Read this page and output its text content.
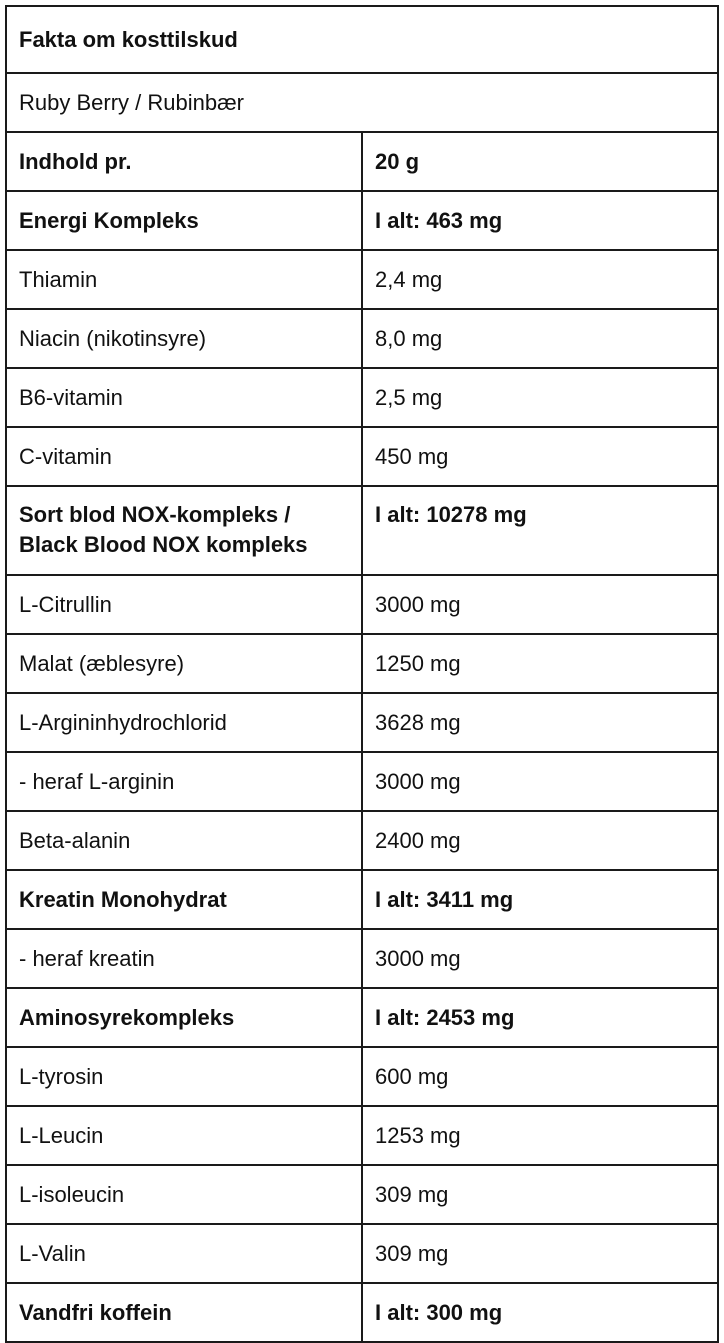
Fakta om kosttilskud	
Ruby Berry / Rubinbær	
Indhold pr.	20 g
Energi Kompleks	I alt: 463 mg
Thiamin	2,4 mg
Niacin (nikotinsyre)	8,0 mg
B6-vitamin	2,5 mg
C-vitamin	450 mg
Sort blod NOX-kompleks / Black Blood NOX kompleks	I alt: 10278 mg
L-Citrullin	3000 mg
Malat (æblesyre)	1250 mg
L-Argininhydrochlorid	3628 mg
- heraf L-arginin	3000 mg
Beta-alanin	2400 mg
Kreatin Monohydrat	I alt: 3411 mg
- heraf kreatin	3000 mg
Aminosyrekompleks	I alt: 2453 mg
L-tyrosin	600 mg
L-Leucin	1253 mg
L-isoleucin	309 mg
L-Valin	309 mg
Vandfri koffein	I alt: 300 mg
